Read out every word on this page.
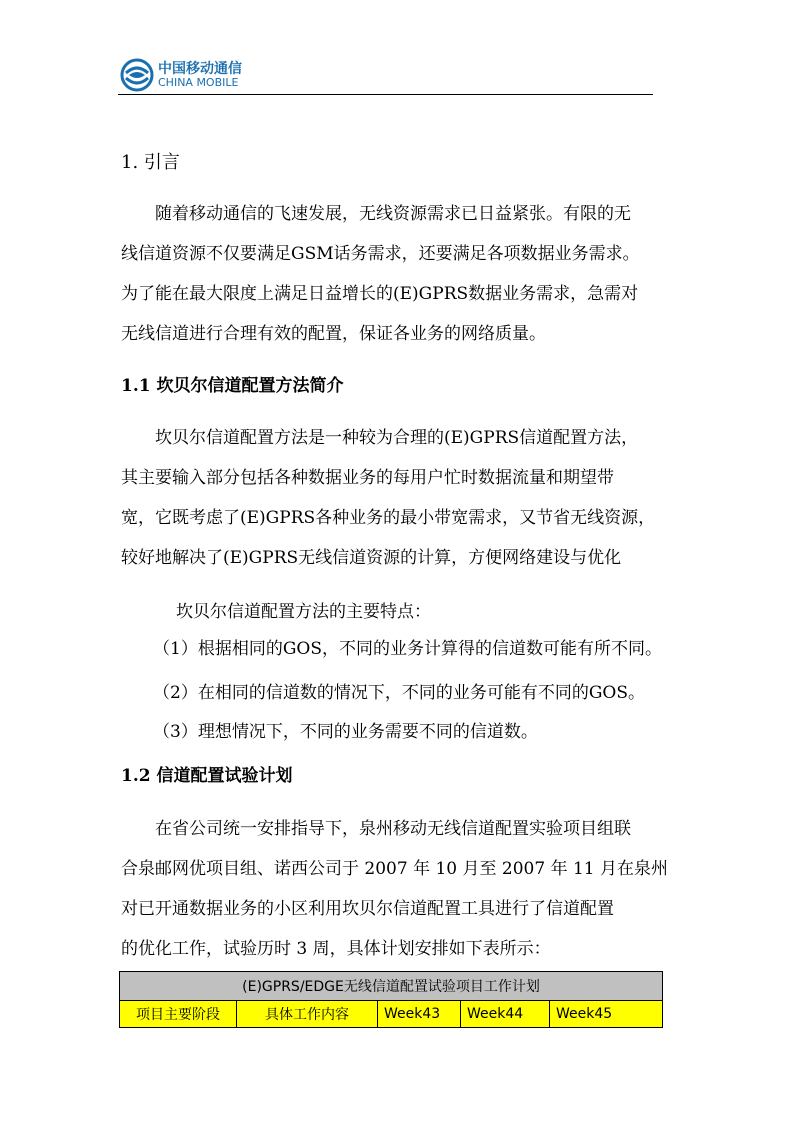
中国移动通信
CHINA MOBILE
1. 引言

随着移动通信的飞速发展，无线资源需求已日益紧张。有限的无

线信道资源不仅要满足GSM话务需求，还要满足各项数据业务需求。

为了能在最大限度上满足日益增长的(E)GPRS数据业务需求，急需对

无线信道进行合理有效的配置，保证各业务的网络质量。

1.1 坎贝尔信道配置方法简介

坎贝尔信道配置方法是一种较为合理的(E)GPRS信道配置方法，

其主要输入部分包括各种数据业务的每用户忙时数据流量和期望带

宽，它既考虑了(E)GPRS各种业务的最小带宽需求，又节省无线资源，

较好地解决了(E)GPRS无线信道资源的计算，方便网络建设与优化

坎贝尔信道配置方法的主要特点：
（1）根据相同的GOS，不同的业务计算得的信道数可能有所不同。
（2）在相同的信道数的情况下，不同的业务可能有不同的GOS。
（3）理想情况下，不同的业务需要不同的信道数。
1.2 信道配置试验计划

在省公司统一安排指导下，泉州移动无线信道配置实验项目组联

合泉邮网优项目组、诺西公司于 2007 年 10 月至 2007 年 11 月在泉州

对已开通数据业务的小区利用坎贝尔信道配置工具进行了信道配置

的优化工作，试验历时 3 周，具体计划安排如下表所示：

(E)GPRS/EDGE无线信道配置试验项目工作计划
项目主要阶段	具体工作内容	Week43	Week44	Week45
